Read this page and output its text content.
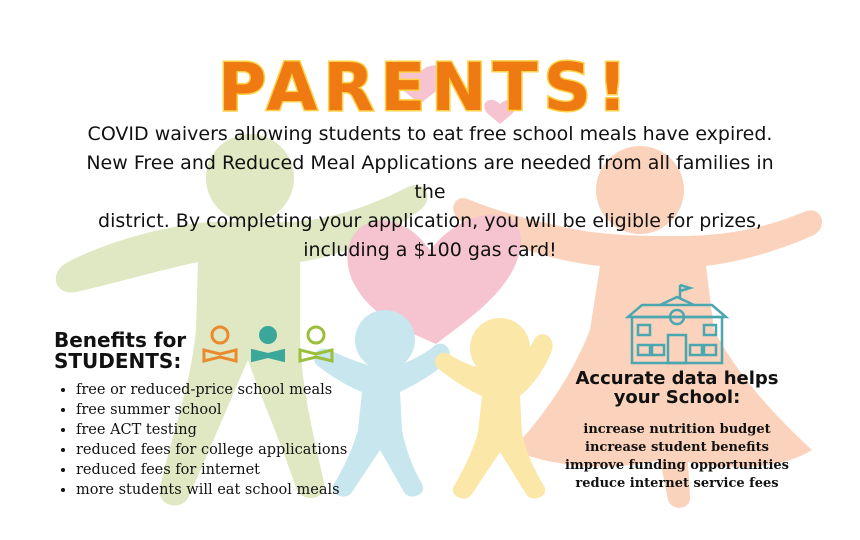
PARENTS!

COVID waivers allowing students to eat free school meals have expired.

New Free and Reduced Meal Applications are needed from all families in the

district. By completing your application, you will be eligible for prizes,

including a $100 gas card!

Benefits for
STUDENTS:
• free or reduced-price school meals
• free summer school
• free ACT testing
• reduced fees for college applications
• reduced fees for internet
• more students will eat school meals
Accurate data helps
your School:
increase nutrition budget
increase student benefits
improve funding opportunities
reduce internet service fees
